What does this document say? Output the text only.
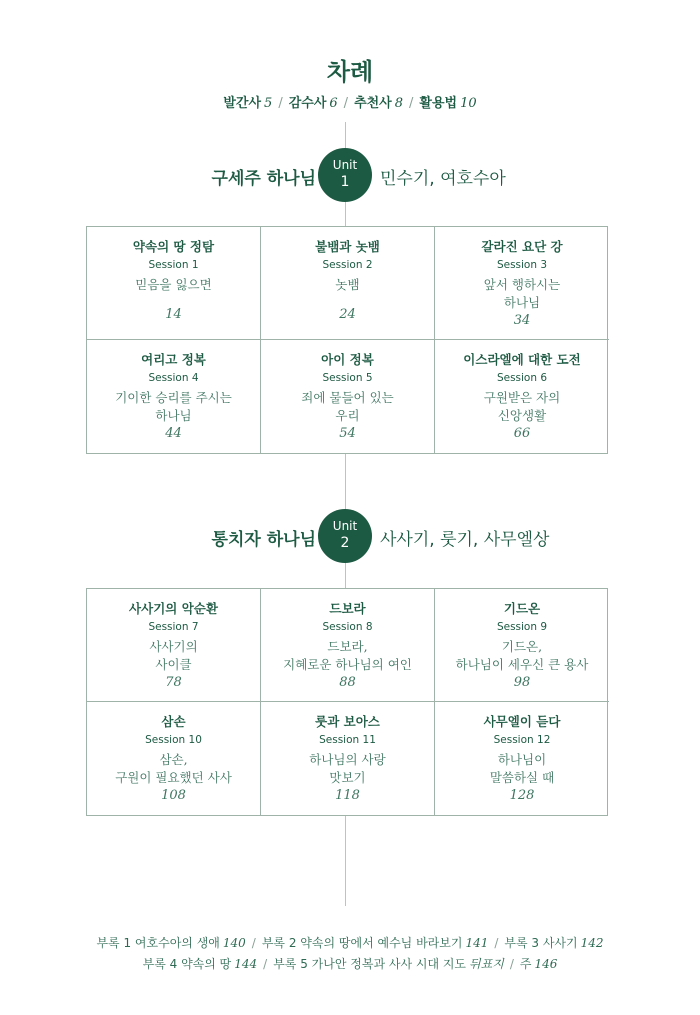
차례
발간사 5 / 감수사 6 / 추천사 8 / 활용법 10
구세주 하나님
Unit
1	민수기, 여호수아
약속의 땅 정탐
Session 1
믿음을 잃으면
14
불뱀과 놋뱀
Session 2
놋뱀
24
갈라진 요단 강
Session 3
앞서 행하시는
하나님
34
여리고 정복
Session 4
기이한 승리를 주시는
하나님
44
아이 정복
Session 5
죄에 물들어 있는
우리
54
이스라엘에 대한 도전
Session 6
구원받은 자의
신앙생활
66
통치자 하나님
Unit
2	사사기, 룻기, 사무엘상
사사기의 악순환
Session 7
사사기의
사이클
78
드보라
Session 8
드보라,
지혜로운 하나님의 여인
88
기드온
Session 9
기드온,
하나님이 세우신 큰 용사
98
삼손
Session 10
삼손,
구원이 필요했던 사사
108
룻과 보아스
Session 11
하나님의 사랑
맛보기
118
사무엘이 듣다
Session 12
하나님이
말씀하실 때
128
부록 1 여호수아의 생애 140 / 부록 2 약속의 땅에서 예수님 바라보기 141 / 부록 3 사사기 142
부록 4 약속의 땅 144 / 부록 5 가나안 정복과 사사 시대 지도 뒤표지 / 주 146
